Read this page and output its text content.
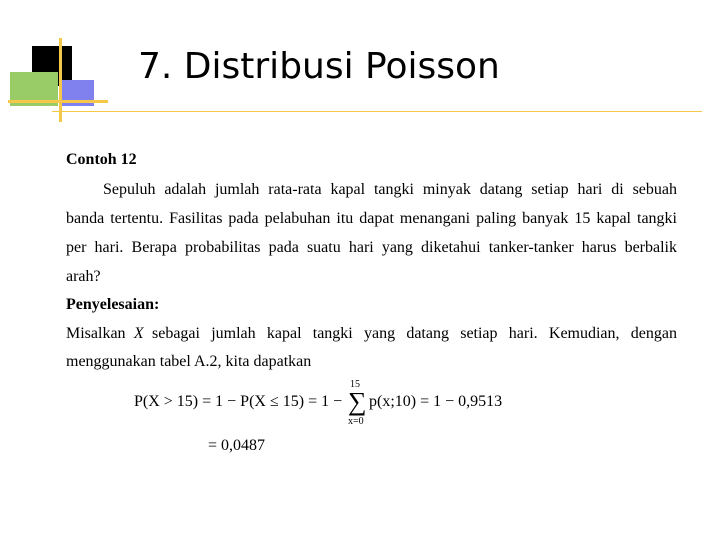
7. Distribusi Poisson
Contoh 12
Sepuluh adalah jumlah rata-rata kapal tangki minyak datang setiap hari di sebuah
banda tertentu. Fasilitas pada pelabuhan itu dapat menangani paling banyak 15 kapal tangki
per hari. Berapa probabilitas pada suatu hari yang diketahui tanker-tanker harus berbalik
arah?
Penyelesaian:
Misalkan X sebagai jumlah kapal tangki yang datang setiap hari. Kemudian, dengan
menggunakan tabel A.2, kita dapatkan
P(X > 15) = 1 − P(X ≤ 15) = 1 −
15
∑
x=0
p(x;10) = 1 − 0,9513
= 0,0487
